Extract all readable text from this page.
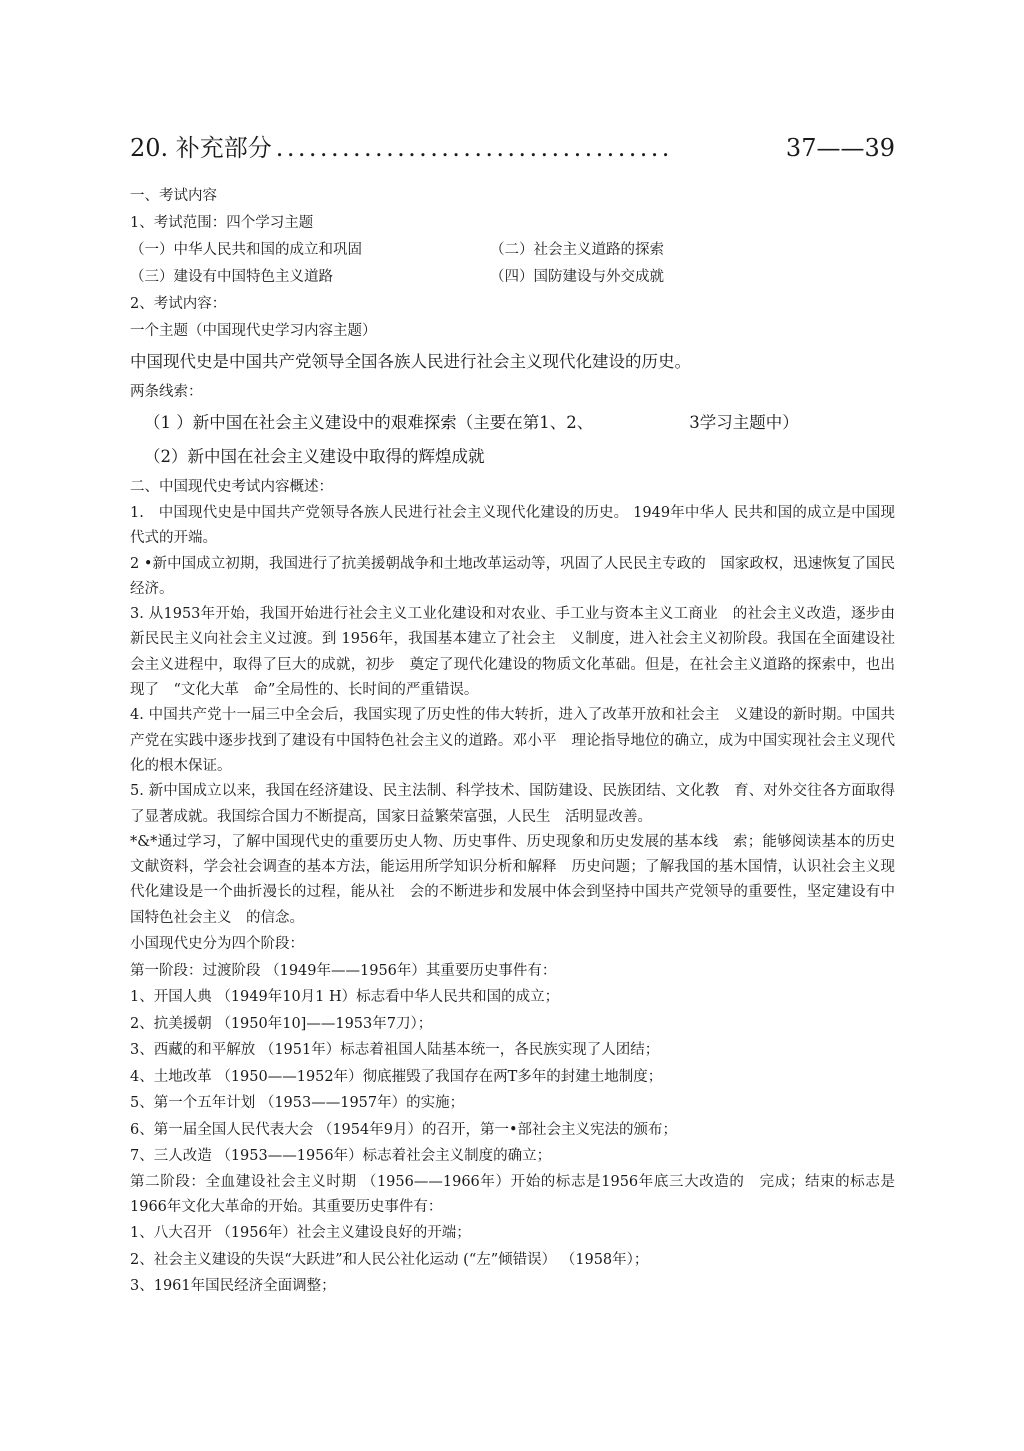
20. 补充部分 ....................................	37——39
一、考试内容
1、考试范围：四个学习主题
（一）中华人民共和国的成立和巩固	（二）社会主义道路的探索
（三）建设有中国特色主义道路	（四）国防建设与外交成就
2、考试内容：
一个主题（中国现代史学习内容主题）
中国现代史是中国共产党领导全国各族人民进行社会主义现代化建设的历史。
两条线索：
（1 ）新中国在社会主义建设中的艰难探索（主要在第1、2、	3学习主题中）
（2）新中国在社会主义建设中取得的辉煌成就
二、中国现代史考试内容概述：
1.　中国现代史是中国共产党领导各族人民进行社会主义现代化建设的历史。 1949年中华人 民共和国的成立是中国现代式的开端。
2 •新中国成立初期，我国进行了抗美援朝战争和土地改革运动等，巩固了人民民主专政的　国家政权，迅速恢复了国民经济。
3. 从1953年开始，我国开始进行社会主义工业化建设和对农业、手工业与资本主义工商业　的社会主义改造，逐步由新民民主义向社会主义过渡。到 1956年，我国基本建立了社会主　义制度，进入社会主义初阶段。我国在全面建设社会主义进程中，取得了巨大的成就，初步　奠定了现代化建设的物质文化革础。但是，在社会主义道路的探索中，也出现了　“文化大革　命”全局性的、长时间的严重错误。
4. 中国共产党十一届三中全会后，我国实现了历史性的伟大转折，进入了改革开放和社会主　义建设的新时期。中国共产党在实践中逐步找到了建设有中国特色社会主义的道路。邓小平　理论指导地位的确立，成为中国实现社会主义现代化的根木保证。
5. 新中国成立以来，我国在经济建设、民主法制、科学技术、国防建设、民族团结、文化教　育、对外交往各方面取得了显著成就。我国综合国力不断提高，国家日益繁荣富强，人民生　活明显改善。
*&*通过学习，了解中国现代史的重要历史人物、历史事件、历史现象和历史发展的基本线　索；能够阅读基本的历史文献资料，学会社会调查的基本方法，能运用所学知识分析和解释　历史问题；了解我国的基木国情，认识社会主义现代化建设是一个曲折漫长的过程，能从社　会的不断进步和发展中体会到坚持中国共产党领导的重要性，坚定建设有中国特色社会主义　的信念。
小国现代史分为四个阶段：
第一阶段：过渡阶段 （1949年——1956年）其重要历史事件有：
1、开国人典 （1949年10月1 H）标志看中华人民共和国的成立；
2、抗美援朝 （1950年10]——1953年7刀）；
3、西藏的和平解放 （1951年）标志着祖国人陆基本统一，各民族实现了人团结；
4、土地改革 （1950——1952年）彻底摧毁了我国存在两T多年的封建土地制度；
5、第一个五年计划 （1953——1957年）的实施；
6、第一届全国人民代表大会 （1954年9月）的召开，第一•部社会主义宪法的颁布；
7、三人改造 （1953——1956年）标志着社会主义制度的确立；
第二阶段：全血建设社会主义时期 （1956——1966年）开始的标志是1956年底三大改造的　完成；结束的标志是1966年文化大革命的开始。其重要历史事件有：
1、八大召开 （1956年）社会主义建设良好的开端；
2、社会主义建设的失误“大跃进”和人民公社化运动 (“左”倾错误） （1958年）；
3、1961年国民经济全面调整；
